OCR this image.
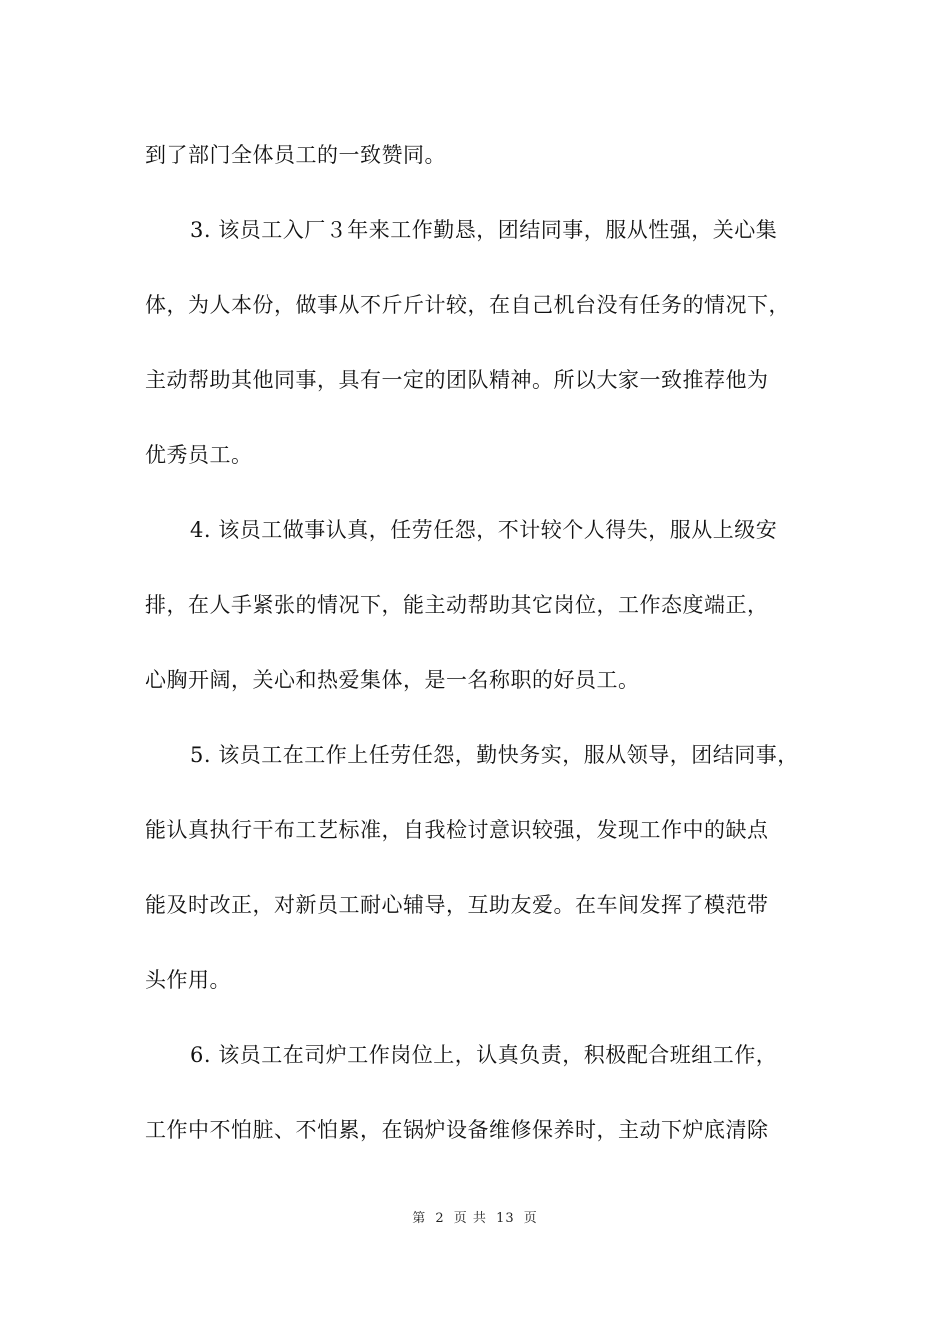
到了部门全体员工的一致赞同。
3. 该员工入厂３年来工作勤恳，团结同事，服从性强，关心集
体，为人本份，做事从不斤斤计较，在自己机台没有任务的情况下，
主动帮助其他同事，具有一定的团队精神。所以大家一致推荐他为
优秀员工。
4. 该员工做事认真，任劳任怨，不计较个人得失，服从上级安
排，在人手紧张的情况下，能主动帮助其它岗位，工作态度端正，
心胸开阔，关心和热爱集体，是一名称职的好员工。
5. 该员工在工作上任劳任怨，勤快务实，服从领导，团结同事，
能认真执行干布工艺标准，自我检讨意识较强，发现工作中的缺点
能及时改正，对新员工耐心辅导，互助友爱。在车间发挥了模范带
头作用。
6. 该员工在司炉工作岗位上，认真负责，积极配合班组工作，
工作中不怕脏、不怕累，在锅炉设备维修保养时，主动下炉底清除
第 2 页 共 13 页
